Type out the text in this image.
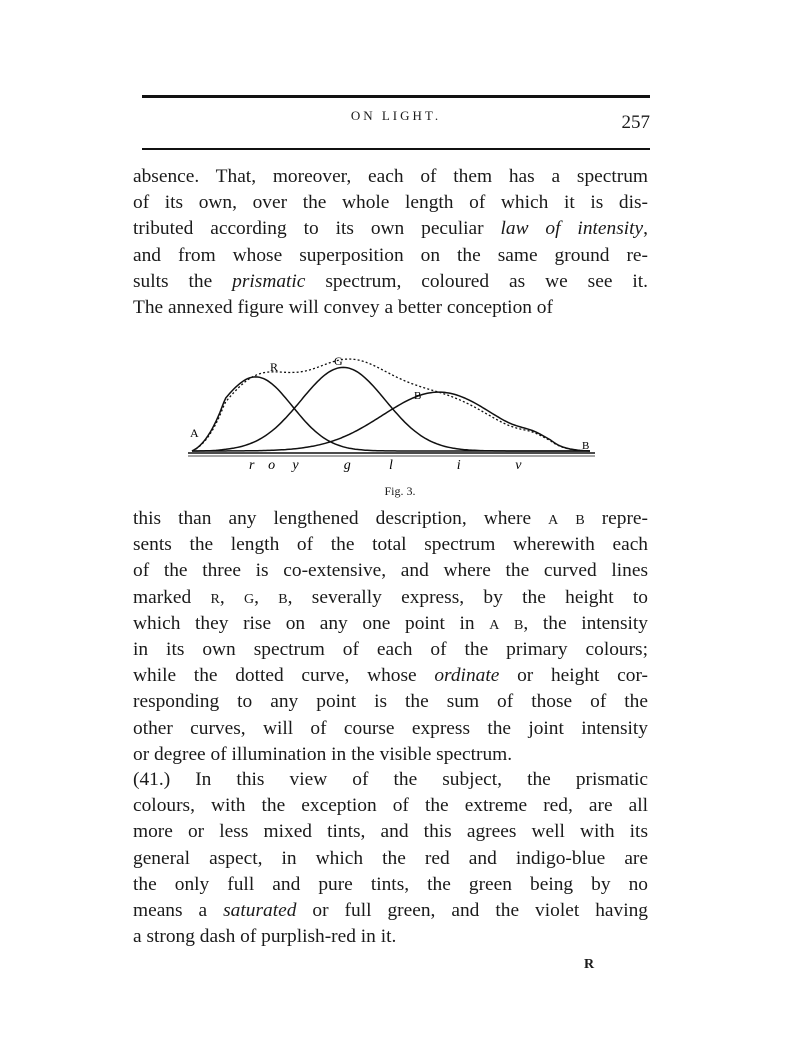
ON LIGHT.	257
absence. That, moreover, each of them has a spectrum
of its own, over the whole length of which it is dis-
tributed according to its own peculiar law of intensity,
and from whose superposition on the same ground re-
sults the prismatic spectrum, coloured as we see it.
The annexed figure will convey a better conception of
A
B
R	G
B
r o y	g	l	i	v
Fig. 3.
this than any lengthened description, where a b repre-
sents the length of the total spectrum wherewith each
of the three is co-extensive, and where the curved lines
marked r, g, b, severally express, by the height to
which they rise on any one point in a b, the intensity
in its own spectrum of each of the primary colours;
while the dotted curve, whose ordinate or height cor-
responding to any point is the sum of those of the
other curves, will of course express the joint intensity
or degree of illumination in the visible spectrum.
(41.) In this view of the subject, the prismatic
colours, with the exception of the extreme red, are all
more or less mixed tints, and this agrees well with its
general aspect, in which the red and indigo-blue are
the only full and pure tints, the green being by no
means a saturated or full green, and the violet having
a strong dash of purplish-red in it.
R
